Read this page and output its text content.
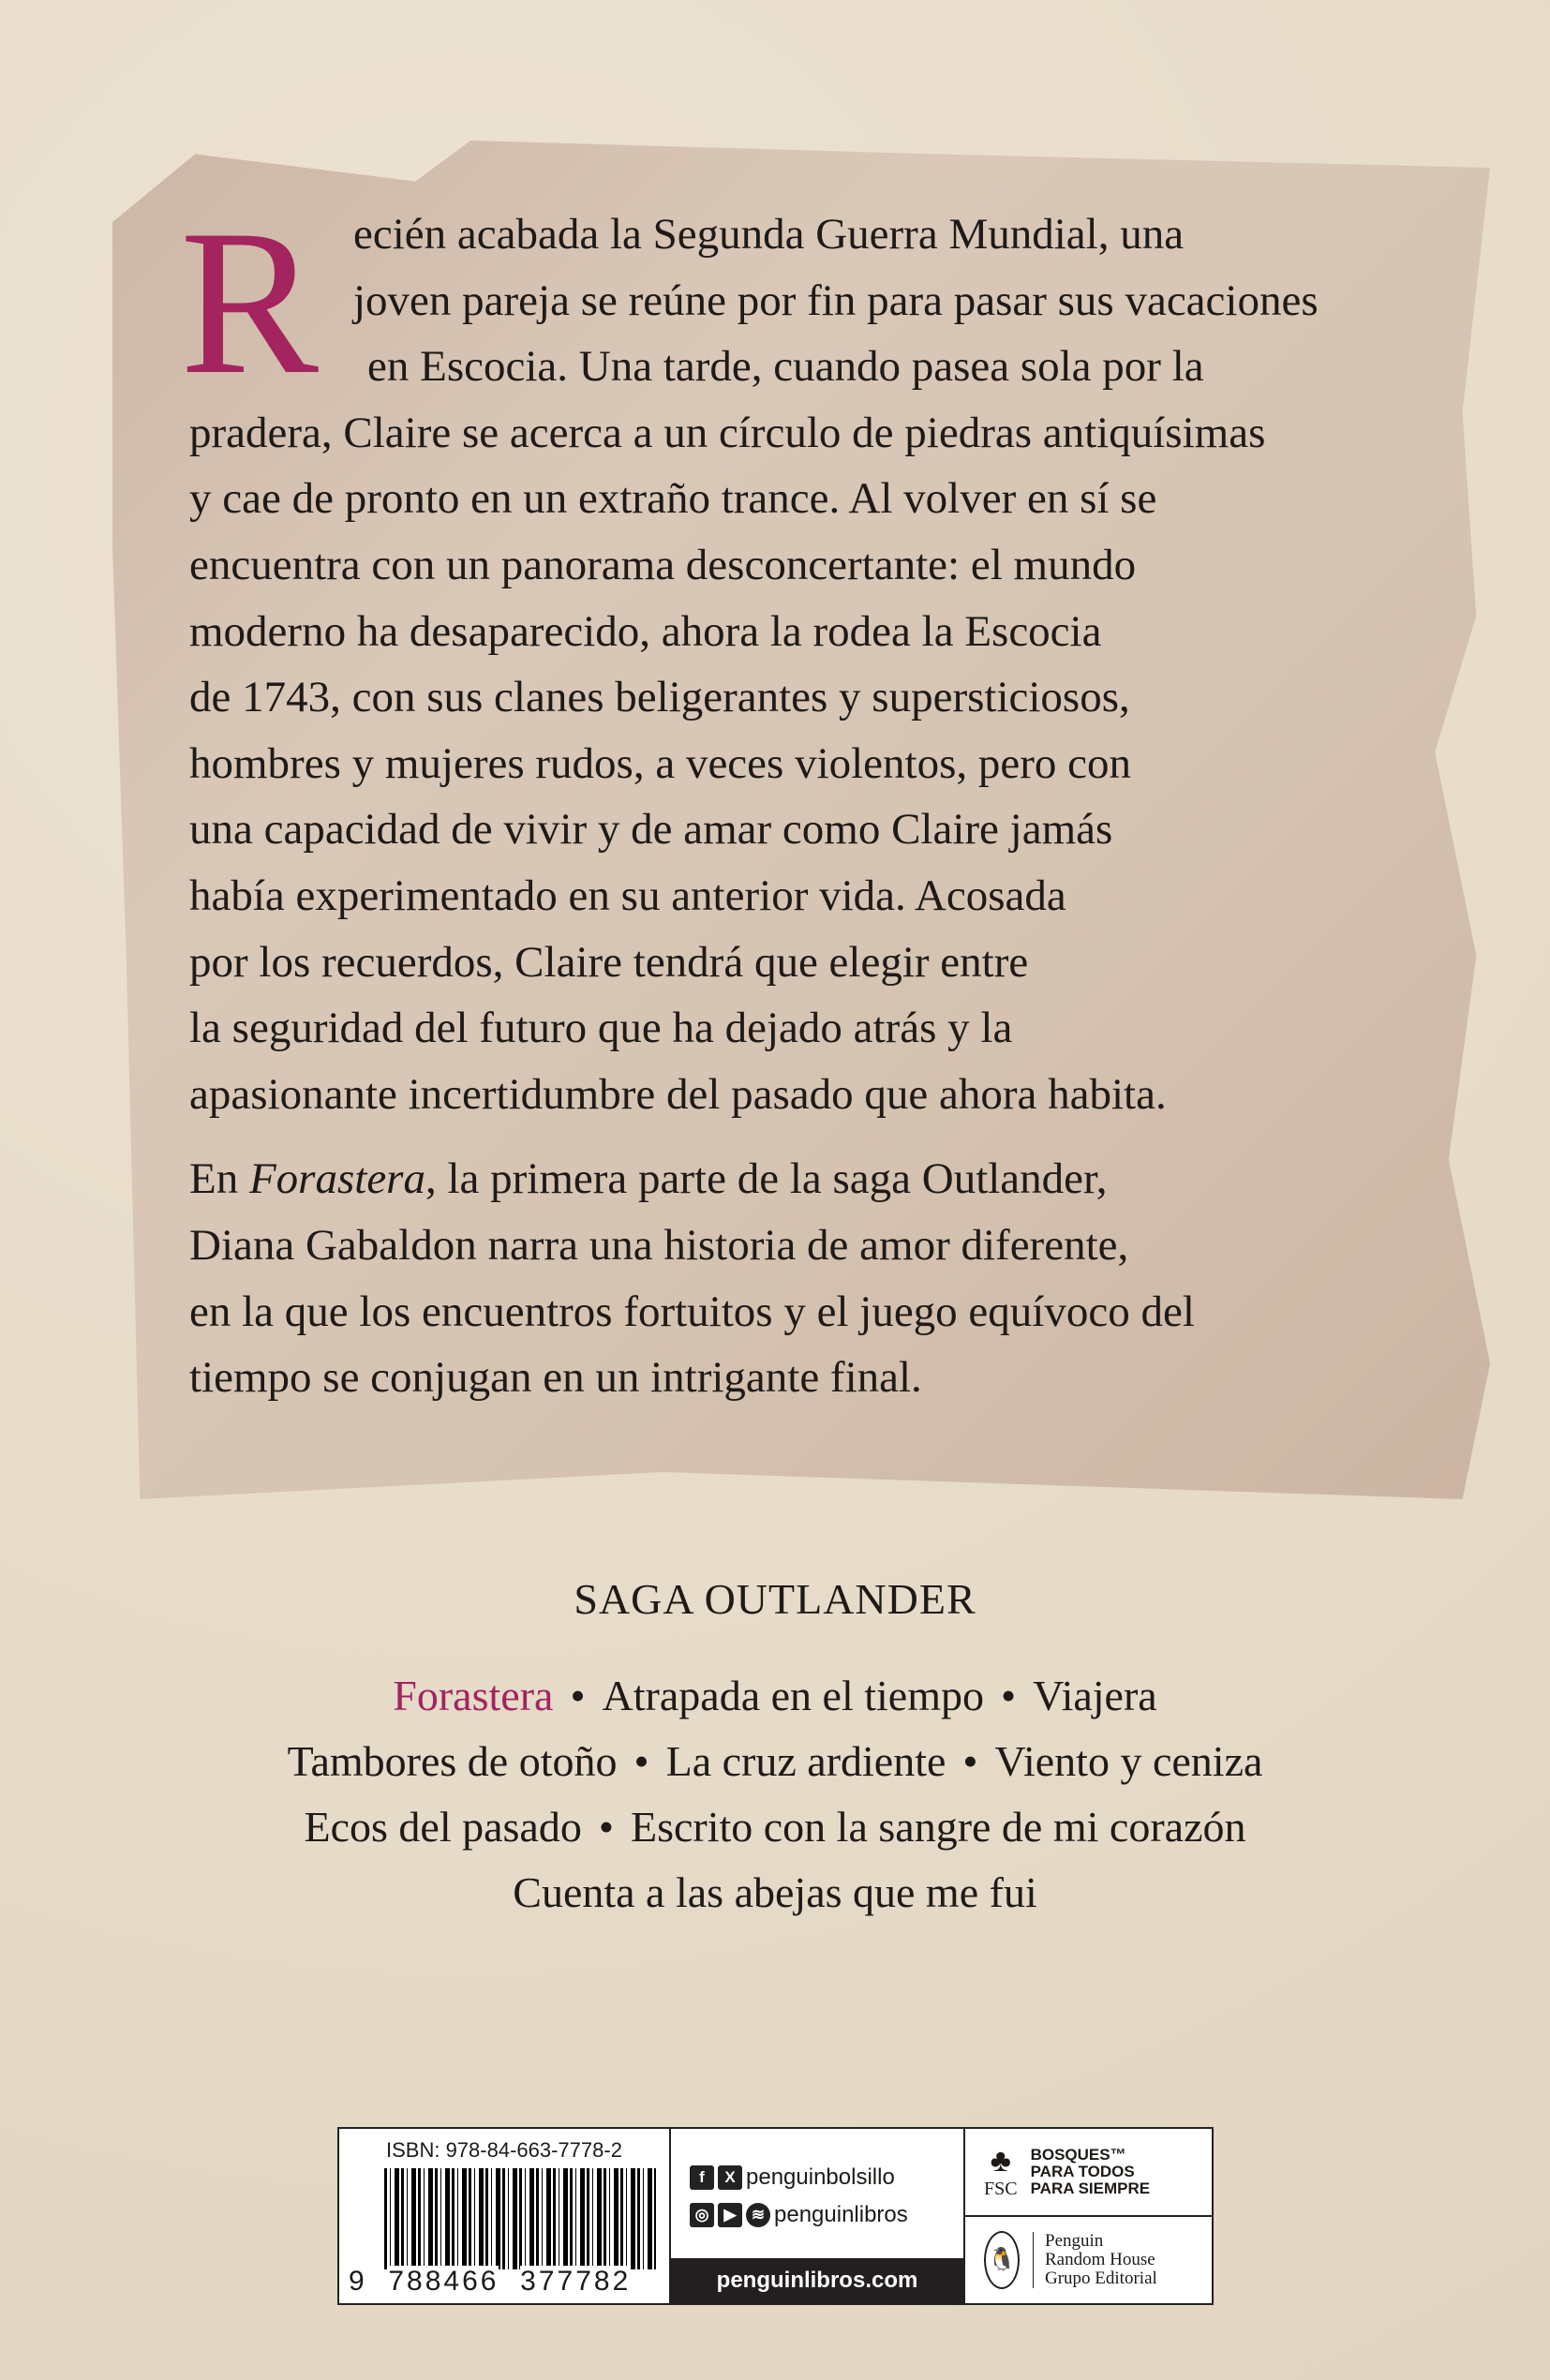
R ecién acabada la Segunda Guerra Mundial, una
joven pareja se reúne por fin para pasar sus vacaciones
en Escocia. Una tarde, cuando pasea sola por la
pradera, Claire se acerca a un círculo de piedras antiquísimas
y cae de pronto en un extraño trance. Al volver en sí se
encuentra con un panorama desconcertante: el mundo
moderno ha desaparecido, ahora la rodea la Escocia
de 1743, con sus clanes beligerantes y supersticiosos,
hombres y mujeres rudos, a veces violentos, pero con
una capacidad de vivir y de amar como Claire jamás
había experimentado en su anterior vida. Acosada
por los recuerdos, Claire tendrá que elegir entre
la seguridad del futuro que ha dejado atrás y la
apasionante incertidumbre del pasado que ahora habita.
En Forastera, la primera parte de la saga Outlander,
Diana Gabaldon narra una historia de amor diferente,
en la que los encuentros fortuitos y el juego equívoco del
tiempo se conjugan en un intrigante final.
SAGA OUTLANDER
Forastera • Atrapada en el tiempo • Viajera
Tambores de otoño • La cruz ardiente • Viento y ceniza
Ecos del pasado • Escrito con la sangre de mi corazón
Cuenta a las abejas que me fui
ISBN: 978-84-663-7778-2
9 788466 377782
f	X penguinbolsillo
◎ ▶ ≋ penguinlibros
penguinlibros.com
♣
FSC
BOSQUES™
PARA TODOS
PARA SIEMPRE
🐧
Penguin
Random House
Grupo Editorial
